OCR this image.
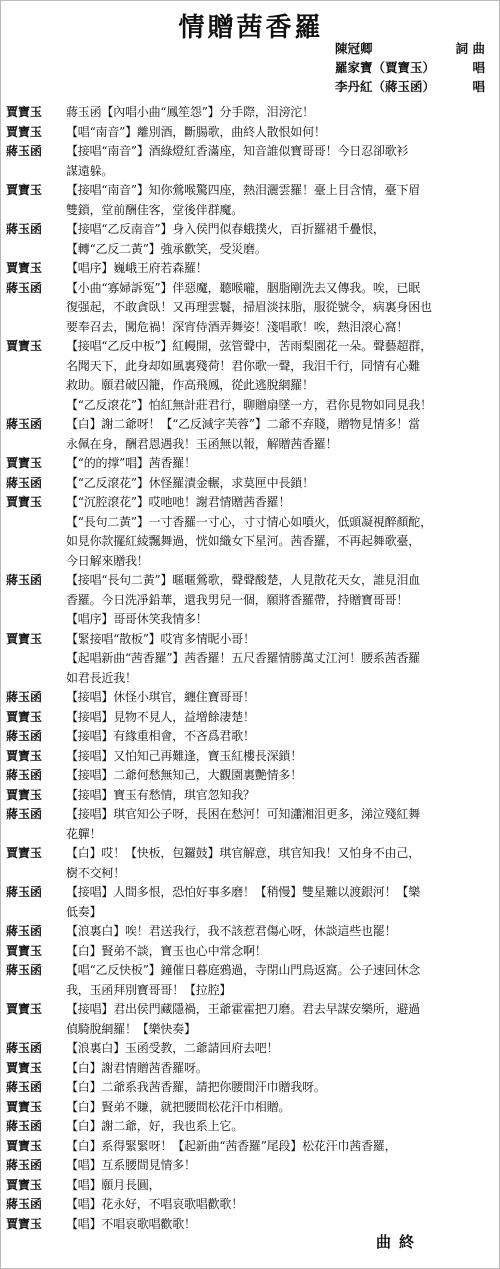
情贈茜香羅
陳冠卿	詞 曲
羅家寶（賈寶玉）	唱
李丹紅（蔣玉函）	唱
賈寶玉	蔣玉函【內唱小曲“鳳笙怨”】分手際，泪滂沱！
賈寶玉	【唱“南音”】離別酒，斷腸歌，曲終人散恨如何！
蔣玉函	【接唱“南音”】酒綠燈紅香滿座，知音誰似寶哥哥！今日忍卻歌衫
謀遠躲。
賈寶玉	【接唱“南音”】知你鶯喉驚四座，熱泪灑雲羅！臺上目含情，臺下眉
雙鎖，堂前酬佳客，堂後伴群魔。
蔣玉函	【接唱“乙反南音”】身入侯門似春蛾撲火，百折羅裙千疊恨，
【轉“乙反二黃”】強承歡笑，受災磨。
賈寶玉	【唱序】巍峨王府若森羅！
蔣玉函	【小曲“寡婦訴冤”】伴惡魔，聽喉嚨，胭脂剛洗去又傳我。唉，已眠
復强起，不敢貪臥！又再理雲鬟，掃眉淡抹脂，服從號令，病裏身困也
要奉召去，闖危禍！深宵侍酒弄舞姿！淺唱歌！唉，熱泪滾心窩！
賈寶玉	【接唱“乙反中板”】紅幔開，弦管聲中，苦雨梨園花一朵。聲藝超群，
名聞天下，此身却如風裏殘荷！君你歌一聲，我泪千行，同情有心難
救助。願君破囚籠，作高飛鳳，從此逃脫網羅！
【“乙反滾花”】怕紅無計莊君行，聊贈扇墜一方，君你見物如同見我！
蔣玉函	【白】謝二爺呀！【“乙反減字芙蓉”】二爺不弃賤，贈物見情多！當
永佩在身，酬君恩遇我！玉函無以報，解贈茜香羅！
賈寶玉	【“的的撑”唱】茜香羅！
蔣玉函	【“乙反滾花”】休怪羅漬金輾，求莫匣中長鎖！
賈寶玉	【“沉腔滾花”】哎吔吔！謝君情贈茜香羅！
【“長句二黃”】一寸香羅一寸心，寸寸情心如噴火，低頭凝視醉顏酡，
如見你款擺紅綾飄舞過，恍如織女下星河。茜香羅，不再起舞歌臺，
今日解來贈我！
蔣玉函	【接唱“長句二黃”】暱暱鶯歌，聲聲酸楚，人見散花天女，誰見泪血
香羅。今日洗凈鉛華，還我男兒一個，願將香羅帶，持贈寶哥哥！
【唱序】哥哥休笑我情多！
賈寶玉	【緊接唱“散板”】哎宵多情昵小哥！
【起唱新曲“茜香羅”】茜香羅！五尺香羅情勝萬丈江河！腰系茜香羅
如君長近我！
蔣玉函	【接唱】休怪小琪官，纏住寶哥哥！
賈寶玉	【接唱】見物不見人，益增餘凄楚！
蔣玉函	【接唱】有緣重相會，不吝爲君歌！
賈寶玉	【接唱】又怕知己再難逢，寶玉紅樓長深鎖！
蔣玉函	【接唱】二爺何愁無知己，大觀園裏艷情多！
賈寶玉	【接唱】寶玉有愁情，琪官忽知我？
蔣玉函	【接唱】琪官知公子呀，長困在愁河！可知瀟湘泪更多，涕泣殘紅舞
花軃！
賈寶玉	【白】哎！【快板，包鑼鼓】琪官解意，琪官知我！又怕身不由己，
樹不交柯！
蔣玉函	【接唱】人間多恨，恐怕好事多磨！【稍慢】雙星難以渡銀河！【樂
低奏】
蔣玉函	【浪裏白】唉！君送我行，我不該惹君傷心呀，休談這些也罷！
賈寶玉	【白】賢弟不談，寶玉也心中常念啊！
蔣玉函	【唱“乙反快板”】鐘催日暮庭鴉過，寺閉山門鳥返窩。公子速回休念
我，玉函拜別寶哥哥！【拉腔】
賈寶玉	【接唱】君出侯門藏隱禍，王爺霍霍把刀磨。君去早謀安樂所，避過
偵騎脫網羅！【樂快奏】
蔣玉函	【浪裏白】玉函受教，二爺請回府去吧！
賈寶玉	【白】謝君情贈茜香羅呀。
蔣玉函	【白】二爺系我茜香羅，請把你腰間汗巾贈我呀。
賈寶玉	【白】賢弟不賺，就把腰間松花汗巾相贈。
蔣玉函	【白】謝二爺，好，我也系上它。
賈寶玉	【白】系得緊緊呀！【起新曲“茜香羅”尾段】松花汗巾茜香羅，
蔣玉函	【唱】互系腰間見情多！
賈寶玉	【唱】願月長圓，
蔣玉函	【唱】花永好，不唱哀歌唱歡歌！
賈寶玉	【唱】不唱哀歌唱歡歌！
曲終
